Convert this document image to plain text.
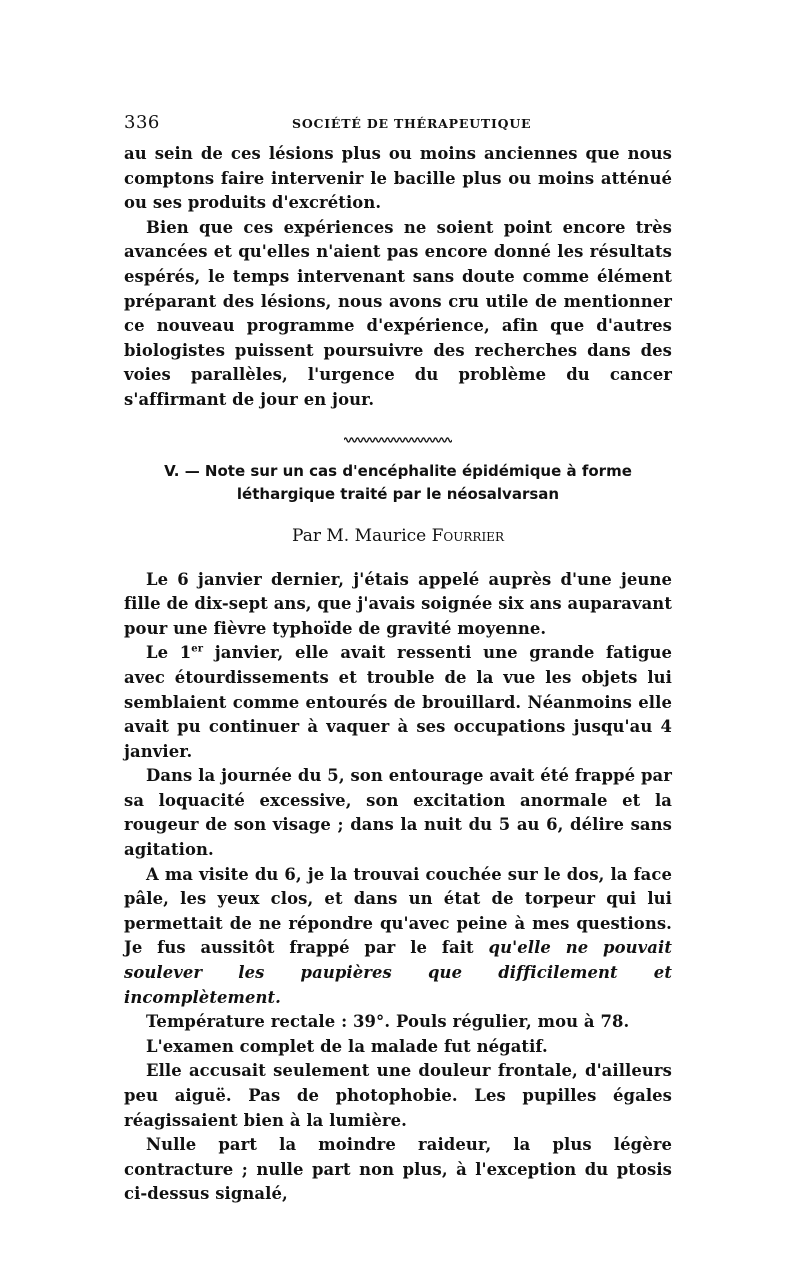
336	SOCIÉTÉ DE THÉRAPEUTIQUE

au sein de ces lésions plus ou moins anciennes que nous comptons faire intervenir le bacille plus ou moins atténué ou ses produits d'excrétion.

Bien que ces expériences ne soient point encore très avancées et qu'elles n'aient pas encore donné les résultats espérés, le temps intervenant sans doute comme élément préparant des lésions, nous avons cru utile de mentionner ce nouveau programme d'expérience, afin que d'autres biologistes puissent poursuivre des recherches dans des voies parallèles, l'urgence du problème du cancer s'affirmant de jour en jour.

V. — Note sur un cas d'encéphalite épidémique à forme
léthargique traité par le néosalvarsan
Par M. Maurice Fourrier

Le 6 janvier dernier, j'étais appelé auprès d'une jeune fille de dix-sept ans, que j'avais soignée six ans auparavant pour une fièvre typhoïde de gravité moyenne.

Le 1er janvier, elle avait ressenti une grande fatigue avec étourdissements et trouble de la vue les objets lui semblaient comme entourés de brouillard. Néanmoins elle avait pu continuer à vaquer à ses occupations jusqu'au 4 janvier.

Dans la journée du 5, son entourage avait été frappé par sa loquacité excessive, son excitation anormale et la rougeur de son visage ; dans la nuit du 5 au 6, délire sans agitation.

A ma visite du 6, je la trouvai couchée sur le dos, la face pâle, les yeux clos, et dans un état de torpeur qui lui permettait de ne répondre qu'avec peine à mes questions. Je fus aussitôt frappé par le fait qu'elle ne pouvait soulever les paupières que difficilement et incomplètement.

Température rectale : 39°. Pouls régulier, mou à 78.

L'examen complet de la malade fut négatif.

Elle accusait seulement une douleur frontale, d'ailleurs peu aiguë. Pas de photophobie. Les pupilles égales réagissaient bien à la lumière.

Nulle part la moindre raideur, la plus légère contracture ; nulle part non plus, à l'exception du ptosis ci-dessus signalé,
